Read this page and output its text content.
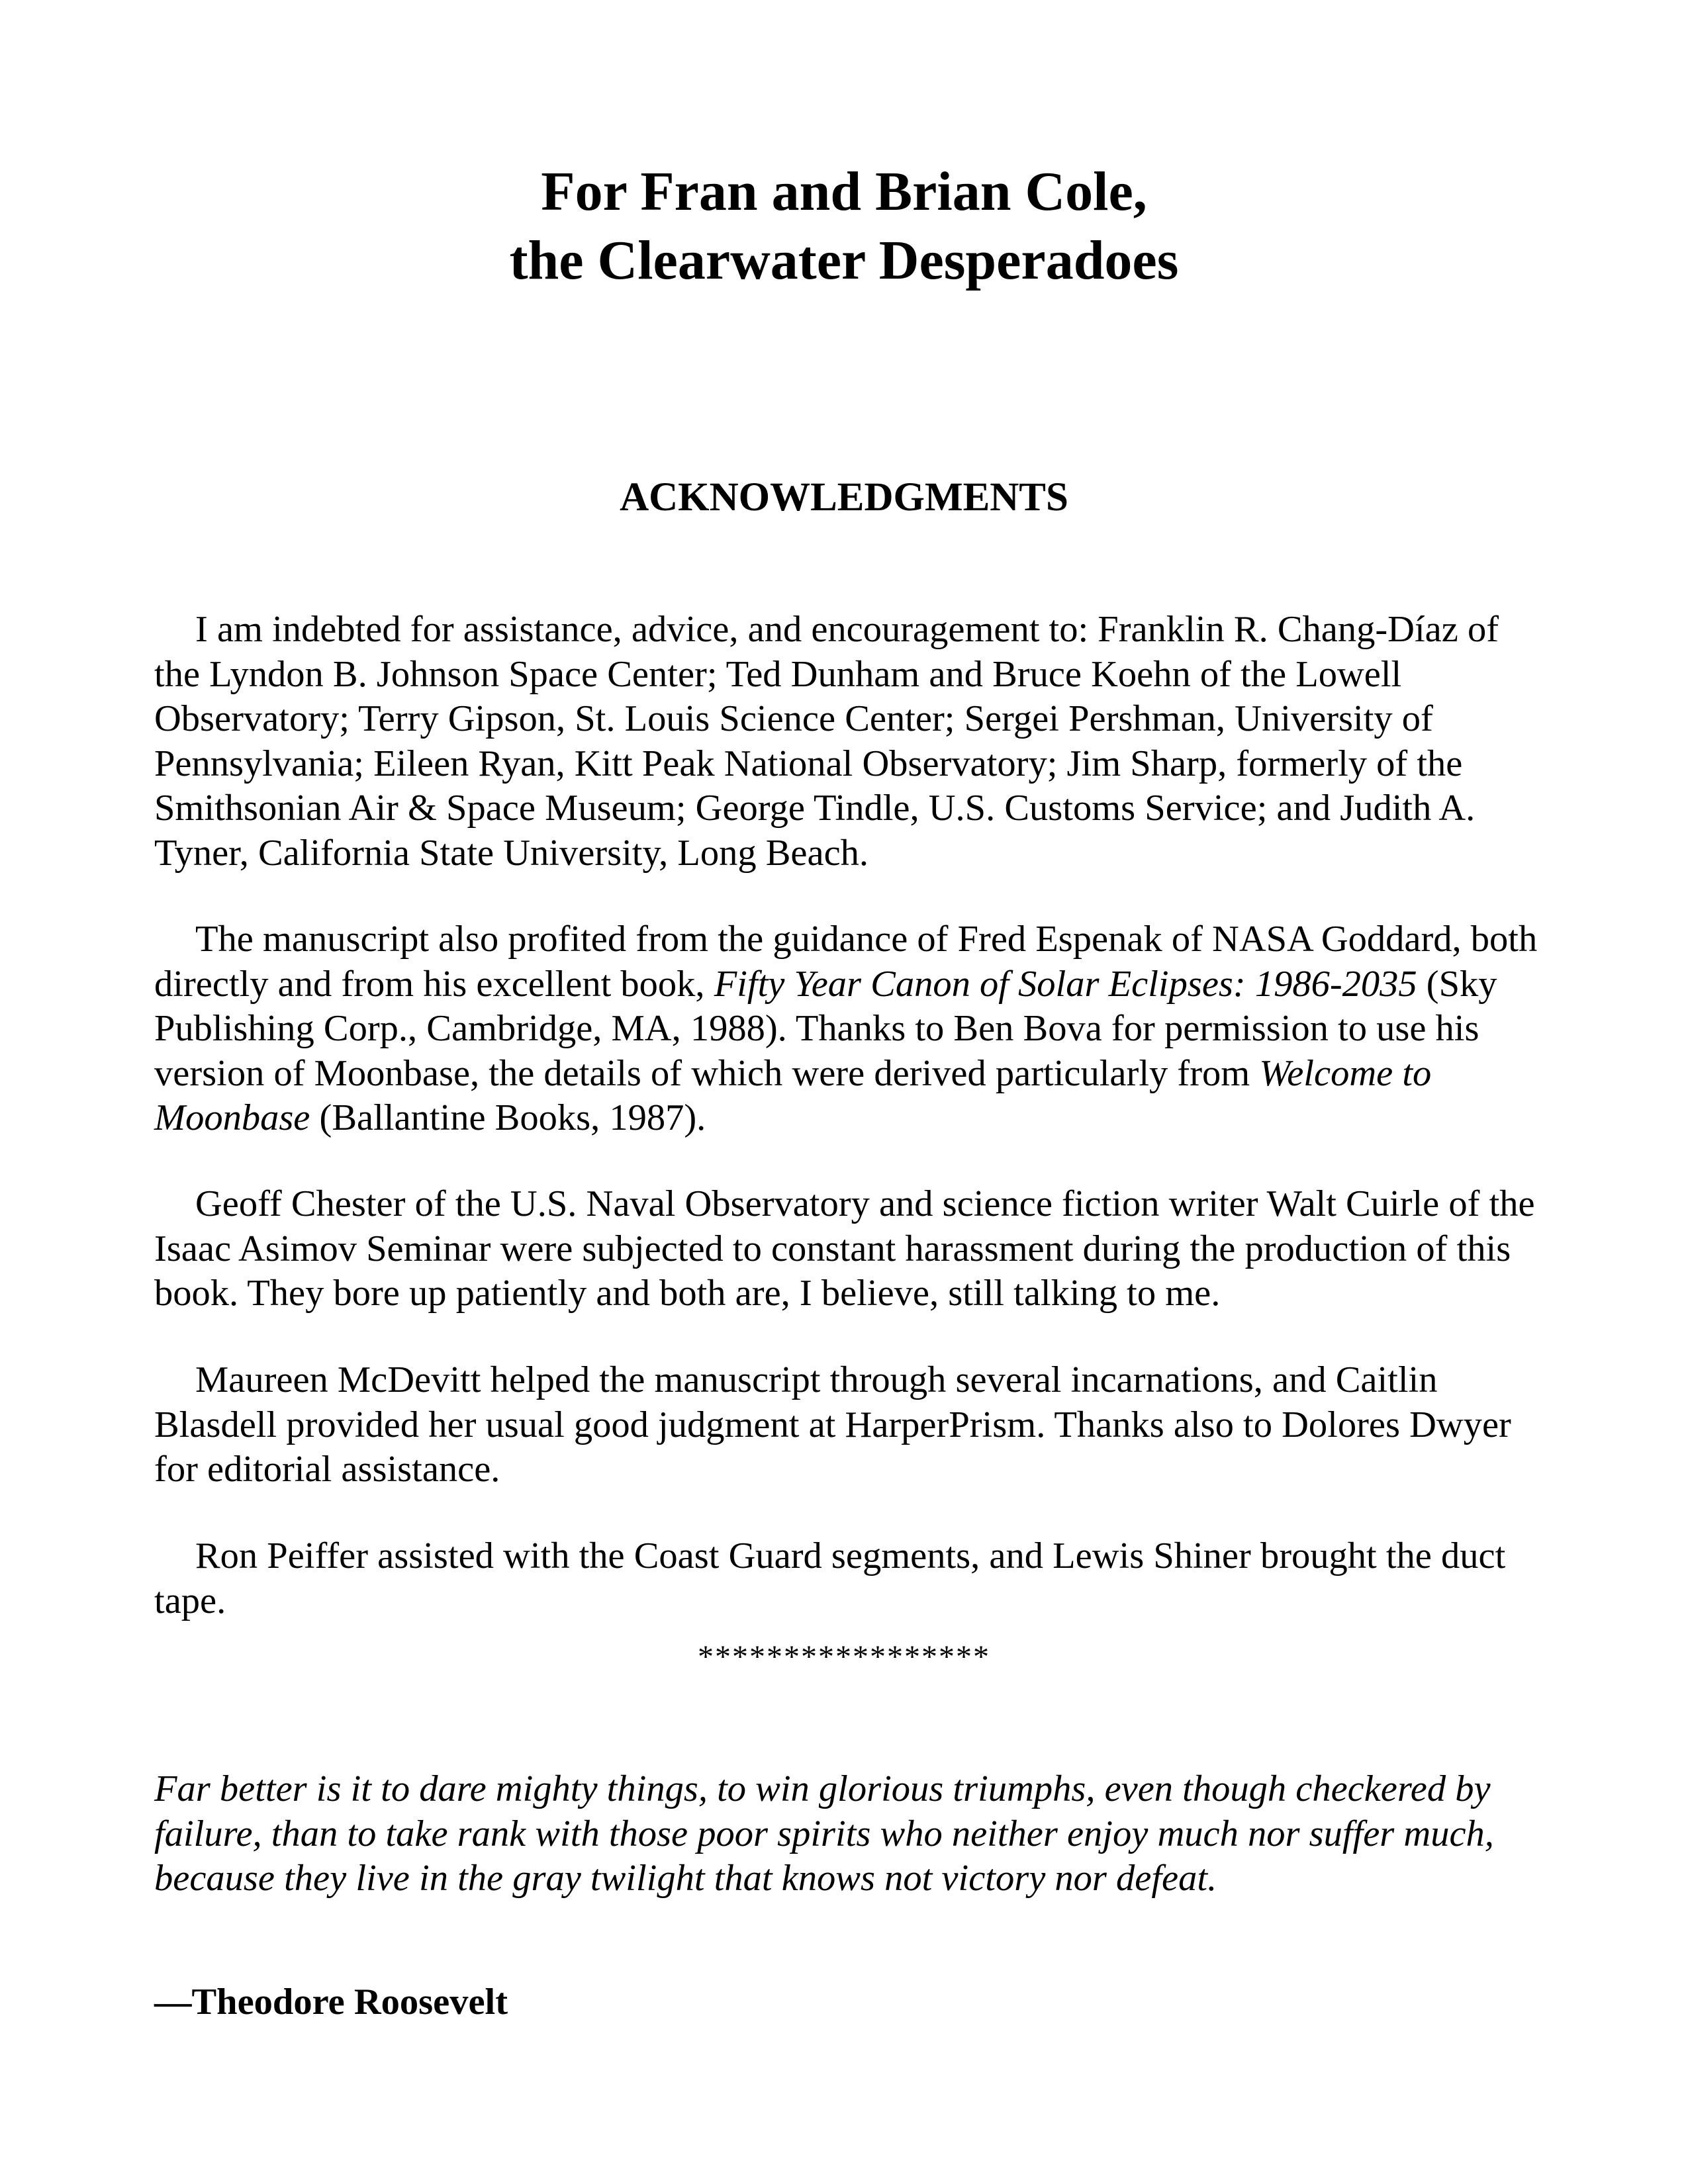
For Fran and Brian Cole,
the Clearwater Desperadoes
ACKNOWLEDGMENTS

I am indebted for assistance, advice, and encouragement to: Franklin R. Chang-Díaz of the Lyndon B. Johnson Space Center; Ted Dunham and Bruce Koehn of the Lowell Observatory; Terry Gipson, St. Louis Science Center; Sergei Pershman, University of Pennsylvania; Eileen Ryan, Kitt Peak National Observatory; Jim Sharp, formerly of the Smithsonian Air & Space Museum; George Tindle, U.S. Customs Service; and Judith A. Tyner, California State University, Long Beach.

The manuscript also profited from the guidance of Fred Espenak of NASA Goddard, both directly and from his excellent book, Fifty Year Canon of Solar Eclipses: 1986-2035 (Sky Publishing Corp., Cambridge, MA, 1988). Thanks to Ben Bova for permission to use his version of Moonbase, the details of which were derived particularly from Welcome to Moonbase (Ballantine Books, 1987).

Geoff Chester of the U.S. Naval Observatory and science fiction writer Walt Cuirle of the Isaac Asimov Seminar were subjected to constant harassment during the production of this book. They bore up patiently and both are, I believe, still talking to me.

Maureen McDevitt helped the manuscript through several incarnations, and Caitlin Blasdell provided her usual good judgment at HarperPrism. Thanks also to Dolores Dwyer for editorial assistance.

Ron Peiffer assisted with the Coast Guard segments, and Lewis Shiner brought the duct tape.

*****************

Far better is it to dare mighty things, to win glorious triumphs, even though checkered by failure, than to take rank with those poor spirits who neither enjoy much nor suffer much, because they live in the gray twilight that knows not victory nor defeat.

—Theodore Roosevelt
